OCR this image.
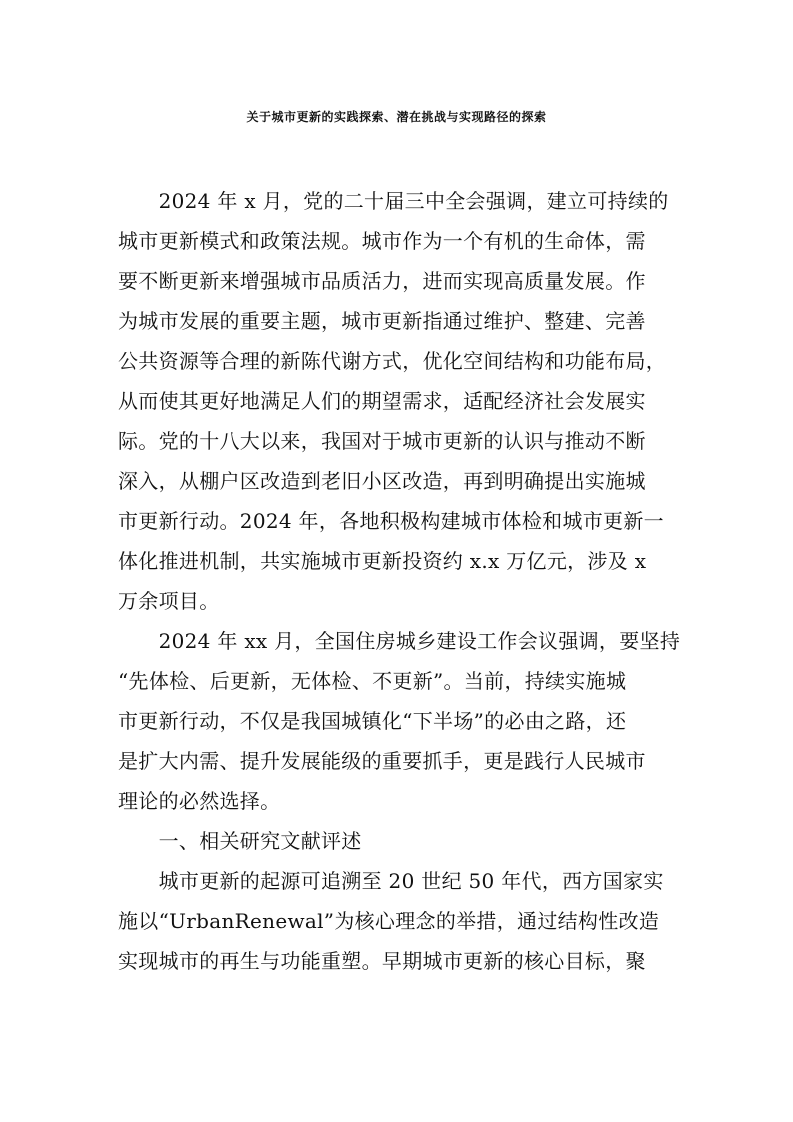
关于城市更新的实践探索、潜在挑战与实现路径的探索
　　2024 年 x 月，党的二十届三中全会强调，建立可持续的
城市更新模式和政策法规。城市作为一个有机的生命体，需
要不断更新来增强城市品质活力，进而实现高质量发展。作
为城市发展的重要主题，城市更新指通过维护、整建、完善
公共资源等合理的新陈代谢方式，优化空间结构和功能布局，
从而使其更好地满足人们的期望需求，适配经济社会发展实
际。党的十八大以来，我国对于城市更新的认识与推动不断
深入，从棚户区改造到老旧小区改造，再到明确提出实施城
市更新行动。2024 年，各地积极构建城市体检和城市更新一
体化推进机制，共实施城市更新投资约 x.x 万亿元，涉及 x
万余项目。
　　2024 年 xx 月，全国住房城乡建设工作会议强调，要坚持
“先体检、后更新，无体检、不更新”。当前，持续实施城
市更新行动，不仅是我国城镇化“下半场”的必由之路，还
是扩大内需、提升发展能级的重要抓手，更是践行人民城市
理论的必然选择。
　　一、相关研究文献评述
　　城市更新的起源可追溯至 20 世纪 50 年代，西方国家实
施以“UrbanRenewal”为核心理念的举措，通过结构性改造
实现城市的再生与功能重塑。早期城市更新的核心目标，聚
